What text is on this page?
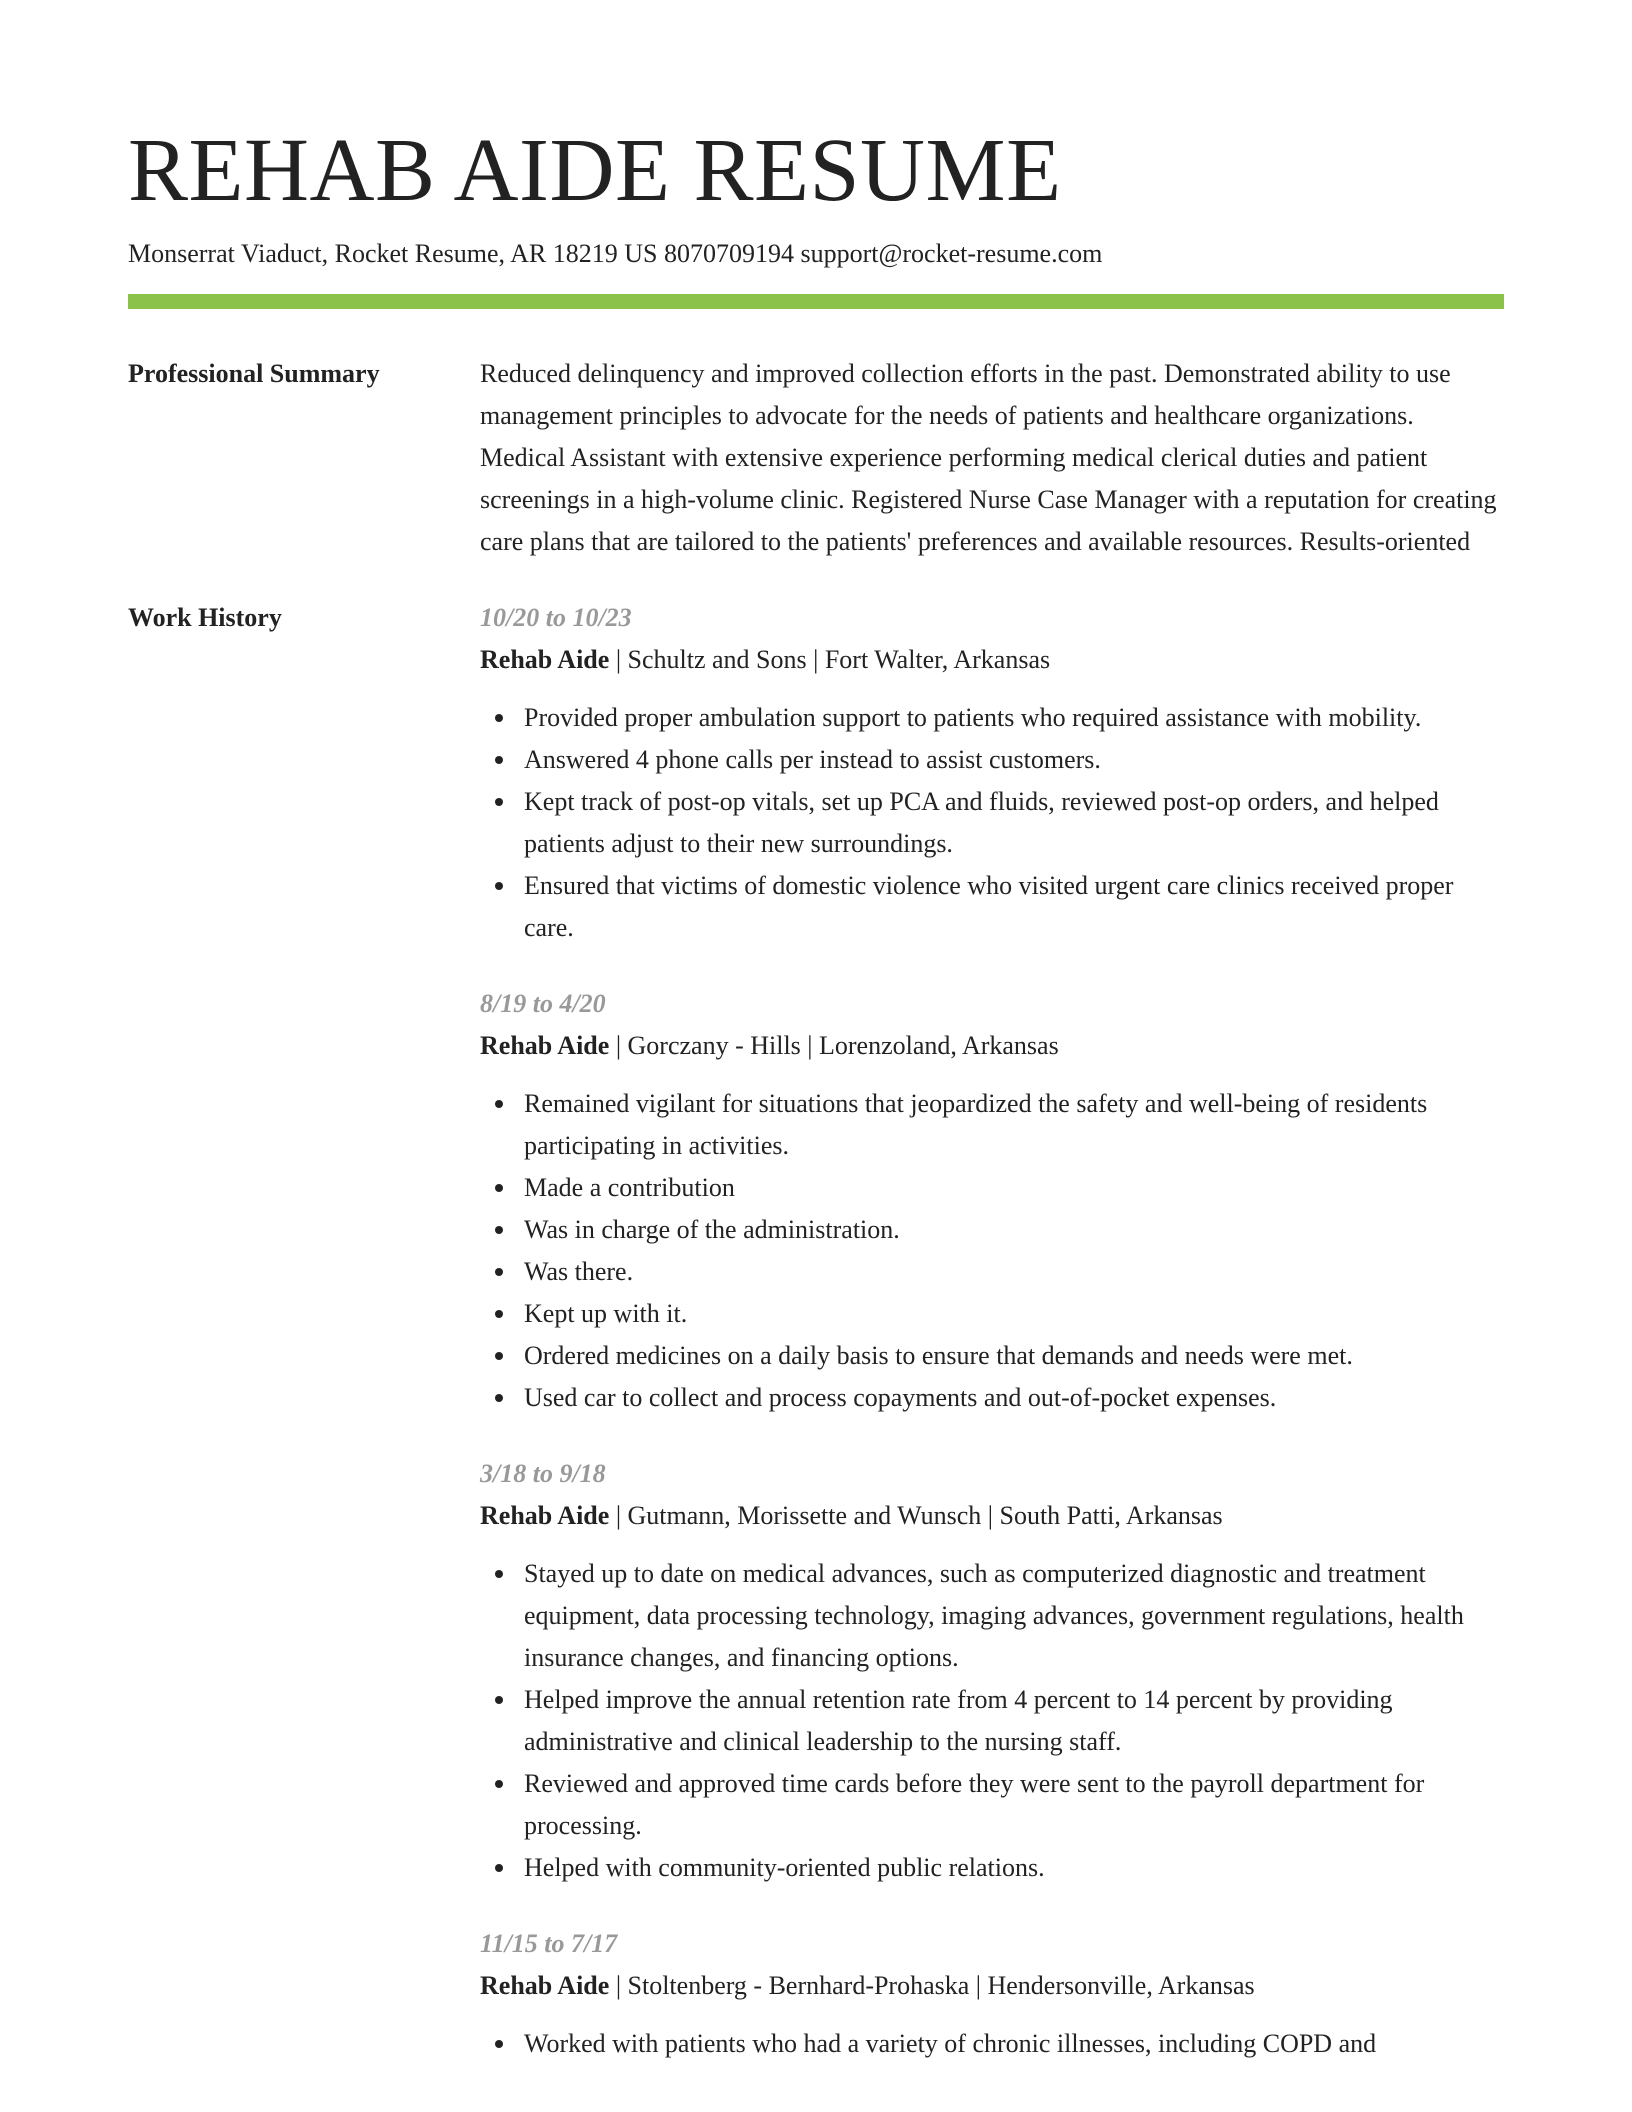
REHAB AIDE RESUME
Monserrat Viaduct, Rocket Resume, AR 18219 US 8070709194 support@rocket-resume.com
Professional Summary	Reduced delinquency and improved collection efforts in the past. Demonstrated ability to use management principles to advocate for the needs of patients and healthcare organizations. Medical Assistant with extensive experience performing medical clerical duties and patient screenings in a high-volume clinic. Registered Nurse Case Manager with a reputation for creating care plans that are tailored to the patients' preferences and available resources. Results-oriented

Work History	10/20 to 10/23
Rehab Aide | Schultz and Sons | Fort Walter, Arkansas
Provided proper ambulation support to patients who required assistance with mobility.
Answered 4 phone calls per instead to assist customers.
Kept track of post-op vitals, set up PCA and fluids, reviewed post-op orders, and helped patients adjust to their new surroundings.
Ensured that victims of domestic violence who visited urgent care clinics received proper care.
8/19 to 4/20
Rehab Aide | Gorczany - Hills | Lorenzoland, Arkansas
Remained vigilant for situations that jeopardized the safety and well-being of residents participating in activities.
Made a contribution
Was in charge of the administration.
Was there.
Kept up with it.
Ordered medicines on a daily basis to ensure that demands and needs were met.
Used car to collect and process copayments and out-of-pocket expenses.
3/18 to 9/18
Rehab Aide | Gutmann, Morissette and Wunsch | South Patti, Arkansas
Stayed up to date on medical advances, such as computerized diagnostic and treatment equipment, data processing technology, imaging advances, government regulations, health insurance changes, and financing options.
Helped improve the annual retention rate from 4 percent to 14 percent by providing administrative and clinical leadership to the nursing staff.
Reviewed and approved time cards before they were sent to the payroll department for processing.
Helped with community-oriented public relations.
11/15 to 7/17
Rehab Aide | Stoltenberg - Bernhard-Prohaska | Hendersonville, Arkansas
Worked with patients who had a variety of chronic illnesses, including COPD and
